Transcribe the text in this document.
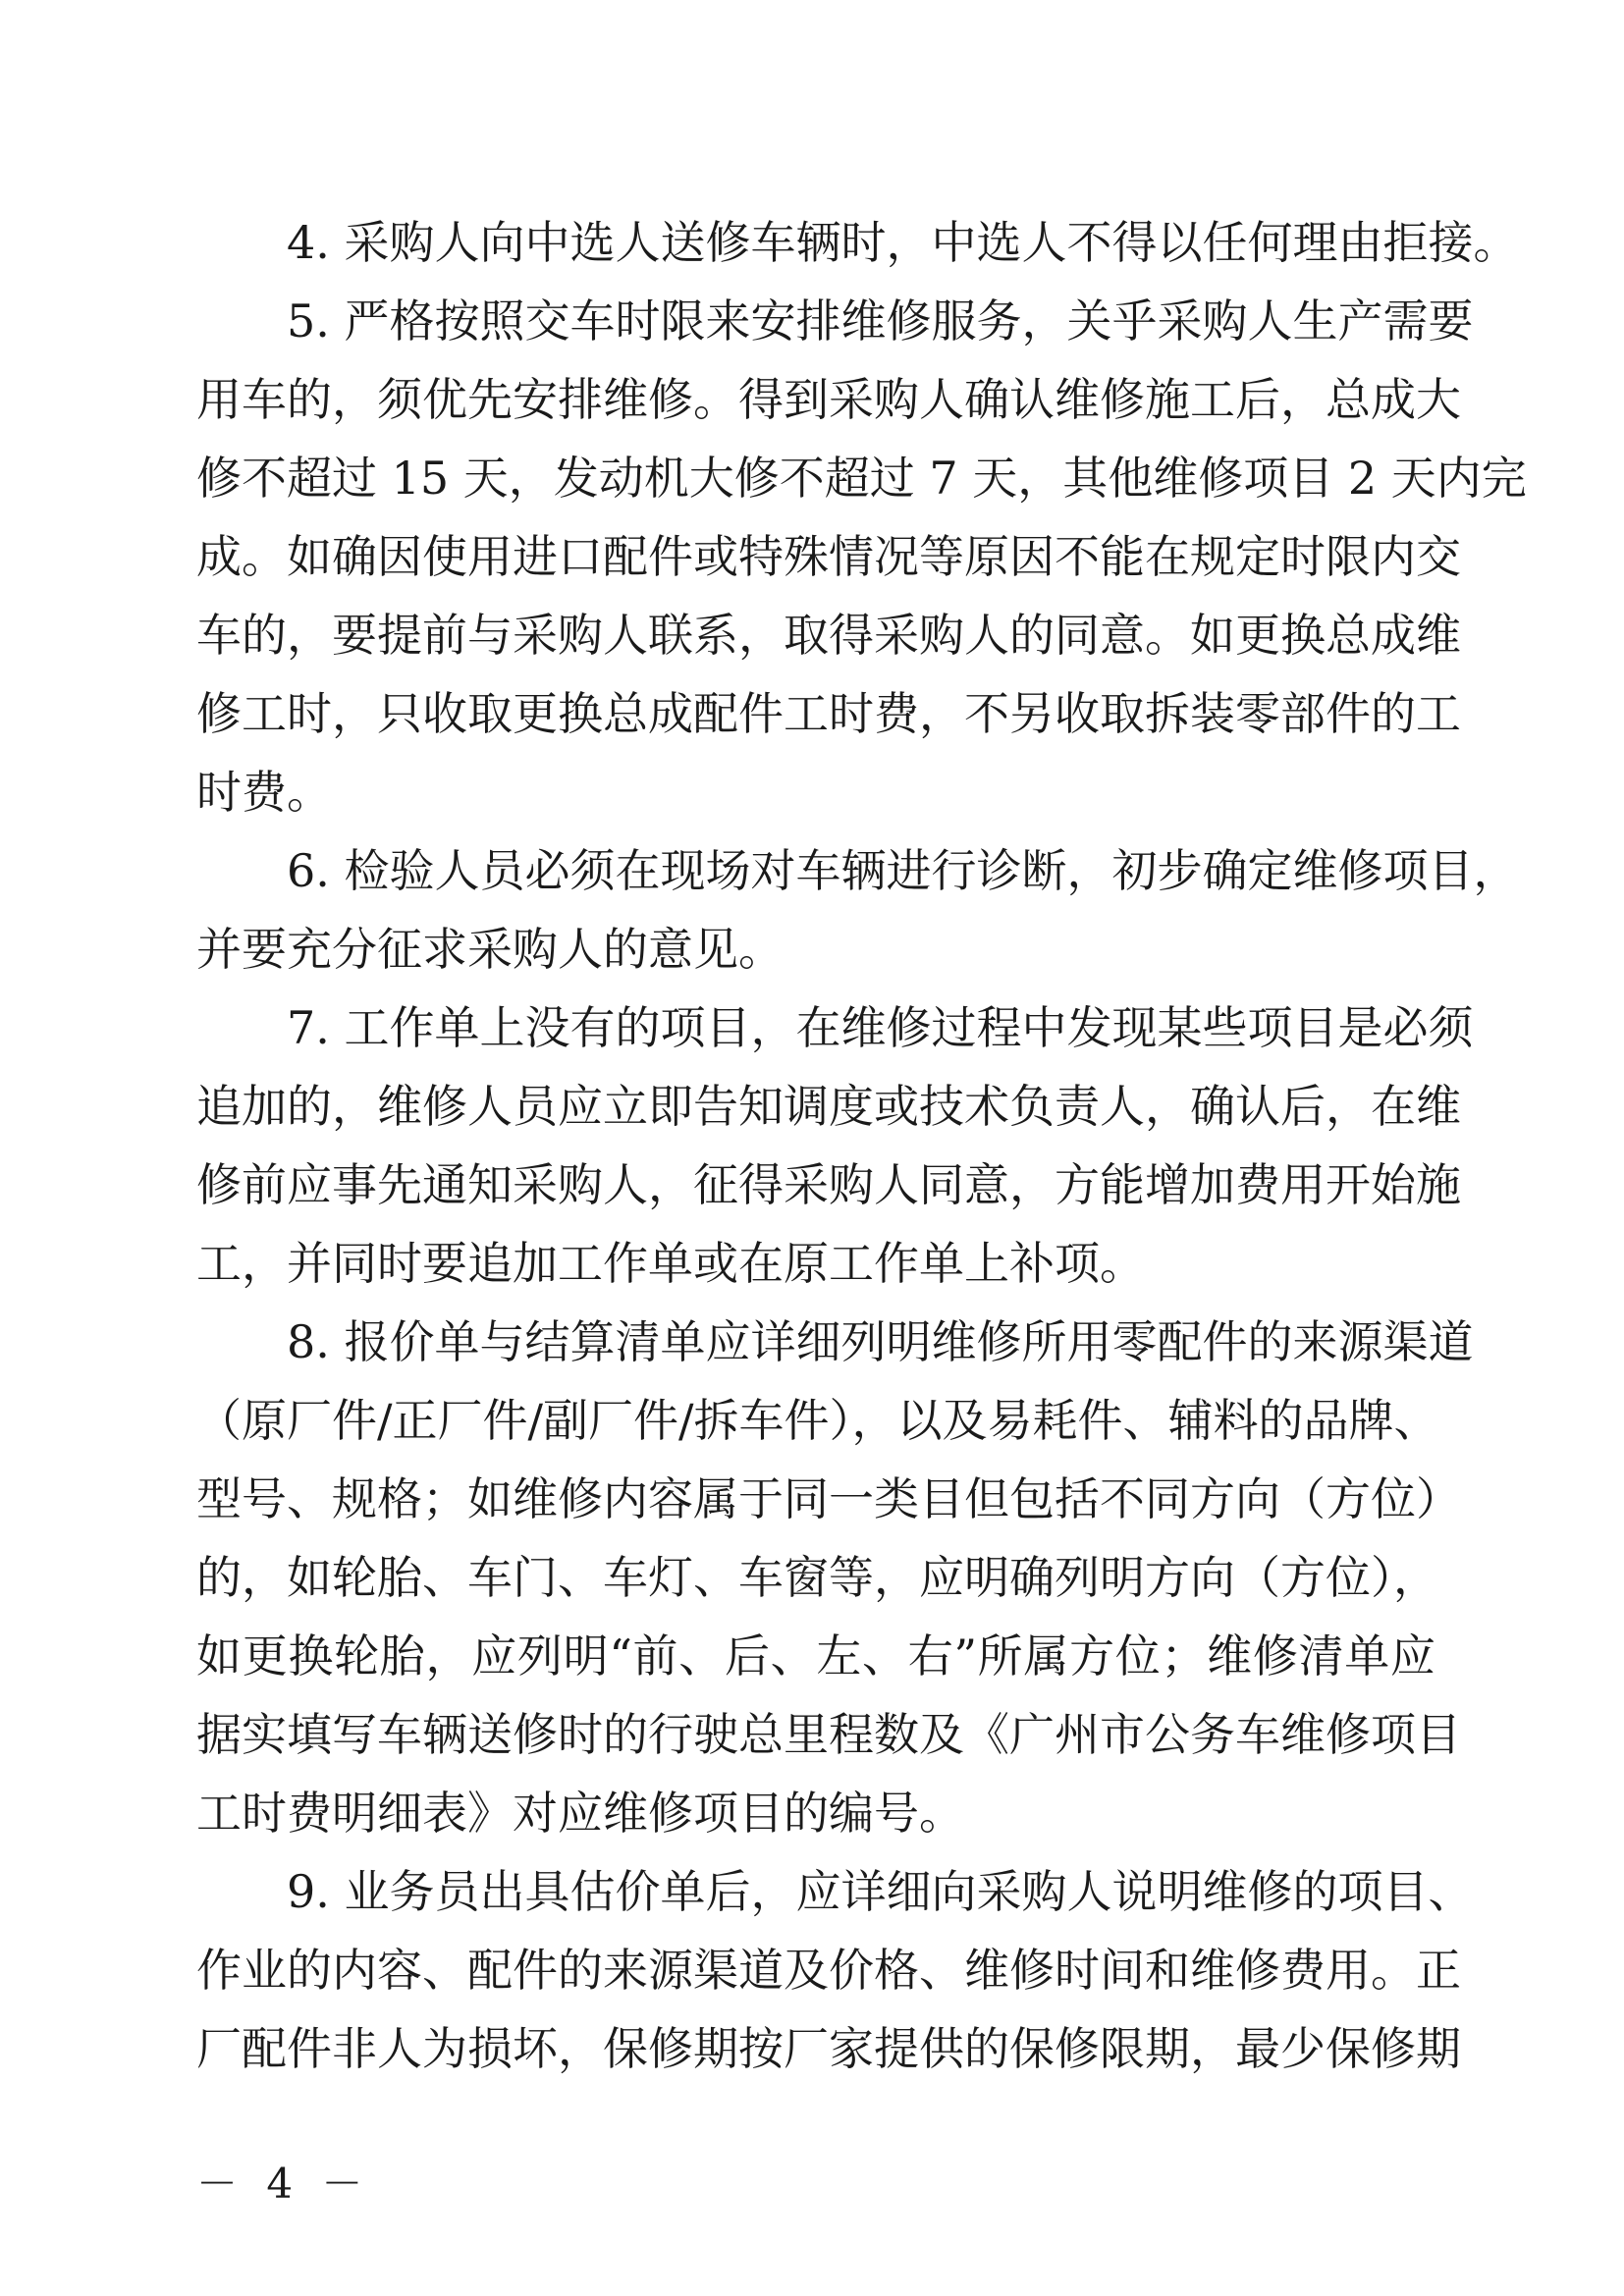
　　4. 采购人向中选人送修车辆时，中选人不得以任何理由拒接。
　　5. 严格按照交车时限来安排维修服务，关乎采购人生产需要
用车的，须优先安排维修。得到采购人确认维修施工后，总成大
修不超过 15 天，发动机大修不超过 7 天，其他维修项目 2 天内完
成。如确因使用进口配件或特殊情况等原因不能在规定时限内交
车的，要提前与采购人联系，取得采购人的同意。如更换总成维
修工时，只收取更换总成配件工时费，不另收取拆装零部件的工
时费。
　　6. 检验人员必须在现场对车辆进行诊断，初步确定维修项目，
并要充分征求采购人的意见。
　　7. 工作单上没有的项目，在维修过程中发现某些项目是必须
追加的，维修人员应立即告知调度或技术负责人，确认后，在维
修前应事先通知采购人，征得采购人同意，方能增加费用开始施
工，并同时要追加工作单或在原工作单上补项。
　　8. 报价单与结算清单应详细列明维修所用零配件的来源渠道
（原厂件/正厂件/副厂件/拆车件），以及易耗件、辅料的品牌、
型号、规格；如维修内容属于同一类目但包括不同方向（方位）
的，如轮胎、车门、车灯、车窗等，应明确列明方向（方位），
如更换轮胎，应列明“前、后、左、右”所属方位；维修清单应
据实填写车辆送修时的行驶总里程数及《广州市公务车维修项目
工时费明细表》对应维修项目的编号。
　　9. 业务员出具估价单后，应详细向采购人说明维修的项目、
作业的内容、配件的来源渠道及价格、维修时间和维修费用。正
厂配件非人为损坏，保修期按厂家提供的保修限期，最少保修期
－ 4 －
